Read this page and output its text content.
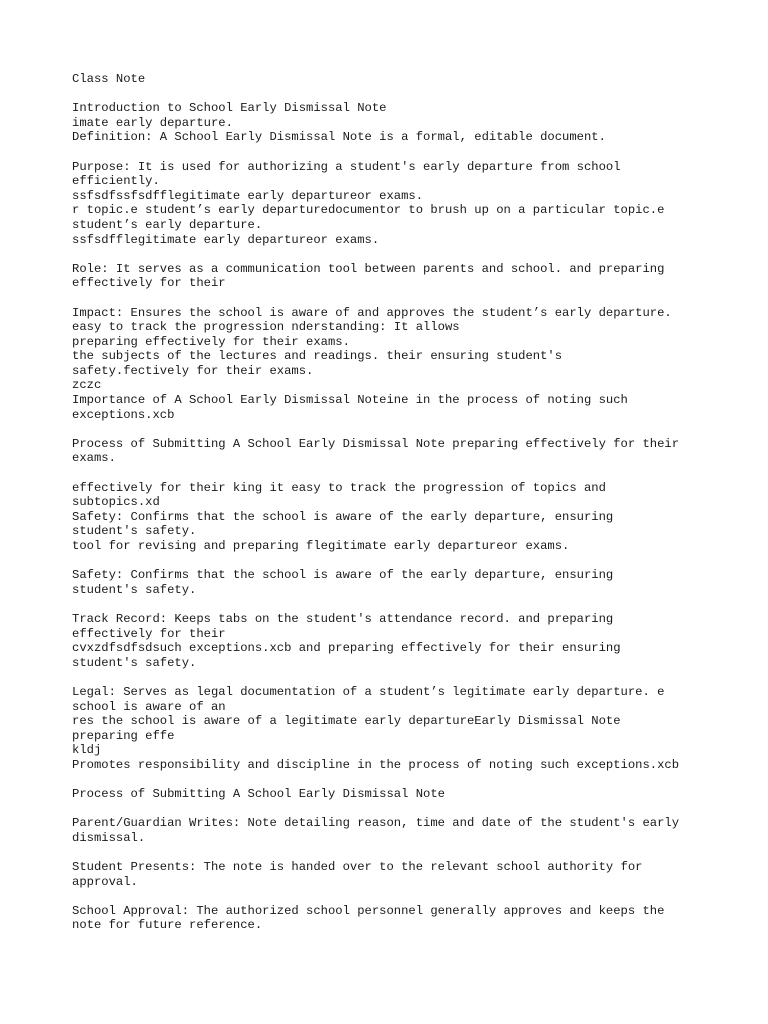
Class Note
Introduction to School Early Dismissal Note
imate early departure.
Definition: A School Early Dismissal Note is a formal, editable document.
Purpose: It is used for authorizing a student's early departure from school
efficiently.
ssfsdfssfsdfflegitimate early departureor exams.
r topic.e student’s early departuredocumentor to brush up on a particular topic.e
student’s early departure.
ssfsdfflegitimate early departureor exams.
Role: It serves as a communication tool between parents and school. and preparing
effectively for their
Impact: Ensures the school is aware of and approves the student’s early departure.
easy to track the progression nderstanding: It allows
preparing effectively for their exams.
the subjects of the lectures and readings. their ensuring student's
safety.fectively for their exams.
zczc
Importance of A School Early Dismissal Noteine in the process of noting such
exceptions.xcb
Process of Submitting A School Early Dismissal Note preparing effectively for their
exams.
effectively for their king it easy to track the progression of topics and
subtopics.xd
Safety: Confirms that the school is aware of the early departure, ensuring
student's safety.
tool for revising and preparing flegitimate early departureor exams.
Safety: Confirms that the school is aware of the early departure, ensuring
student's safety.
Track Record: Keeps tabs on the student's attendance record. and preparing
effectively for their
cvxzdfsdfsdsuch exceptions.xcb and preparing effectively for their ensuring
student's safety.
Legal: Serves as legal documentation of a student’s legitimate early departure. e
school is aware of an
res the school is aware of a legitimate early departureEarly Dismissal Note
preparing effe
kldj
Promotes responsibility and discipline in the process of noting such exceptions.xcb
Process of Submitting A School Early Dismissal Note
Parent/Guardian Writes: Note detailing reason, time and date of the student's early
dismissal.
Student Presents: The note is handed over to the relevant school authority for
approval.
School Approval: The authorized school personnel generally approves and keeps the
note for future reference.
